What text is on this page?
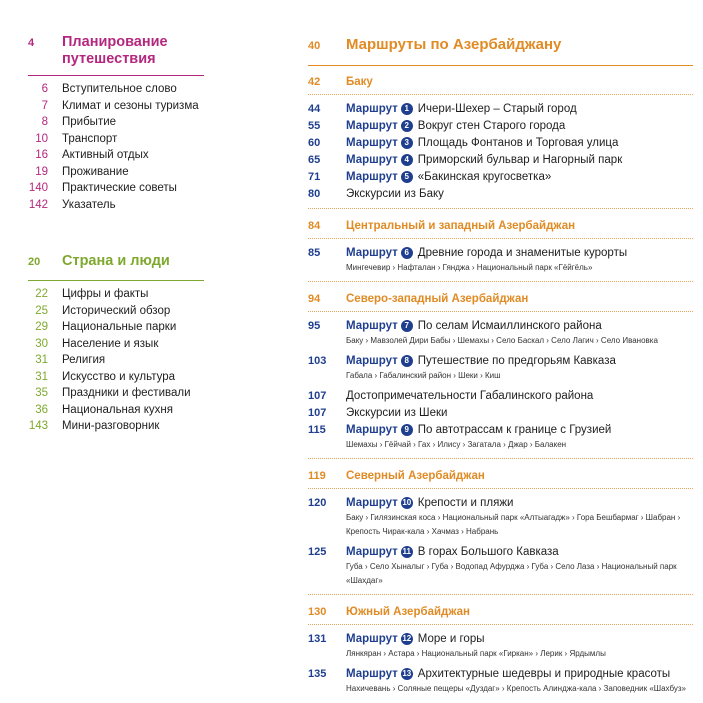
4	Планирование
путешествия
6	Вступительное слово
7	Климат и сезоны туризма
8	Прибытие
10	Транспорт
16	Активный отдых
19	Проживание
140	Практические советы
142	Указатель
20	Страна и люди
22	Цифры и факты
25	Исторический обзор
29	Национальные парки
30	Население и язык
31	Религия
31	Искусство и культура
35	Праздники и фестивали
36	Национальная кухня
143	Мини-разговорник
40	Маршруты по Азербайджану
42	Баку
44	Маршрут 1 Ичери-Шехер – Старый город
55	Маршрут 2 Вокруг стен Старого города
60	Маршрут 3 Площадь Фонтанов и Торговая улица
65	Маршрут 4 Приморский бульвар и Нагорный парк
71	Маршрут 5 «Бакинская кругосветка»
80	Экскурсии из Баку
84	Центральный и западный Азербайджан
85	Маршрут 6 Древние города и знаменитые курорты
Мингечевир › Нафталан › Гянджа › Национальный парк «Гёйгёль»
94	Северо-западный Азербайджан
95	Маршрут 7 По селам Исмаиллинского района
Баку › Мавзолей Дири Бабы › Шемахы › Село Баскал › Село Лагич › Село Ивановка
103	Маршрут 8 Путешествие по предгорьям Кавказа
Габала › Габалинский район › Шеки › Киш
107	Достопримечательности Габалинского района
107	Экскурсии из Шеки
115	Маршрут 9 По автотрассам к границе с Грузией
Шемахы › Гёйчай › Гах › Илису › Загатала › Джар › Балакен
119	Северный Азербайджан
120	Маршрут 10 Крепости и пляжи
Баку › Гилязинская коса › Национальный парк «Алтыагадж» › Гора Бешбармаг › Шабран › Крепость Чирак-кала › Хачмаз › Набрань
125	Маршрут 11 В горах Большого Кавказа
Губа › Село Хыналыг › Губа › Водопад Афурджа › Губа › Село Лаза › Национальный парк «Шахдаг»
130	Южный Азербайджан
131	Маршрут 12 Море и горы
Лянкяран › Астара › Национальный парк «Гиркан» › Лерик › Ярдымлы
135	Маршрут 13 Архитектурные шедевры и природные красоты
Нахичевань › Соляные пещеры «Дуздаг» › Крепость Алинджа-кала › Заповедник «Шахбуз»
